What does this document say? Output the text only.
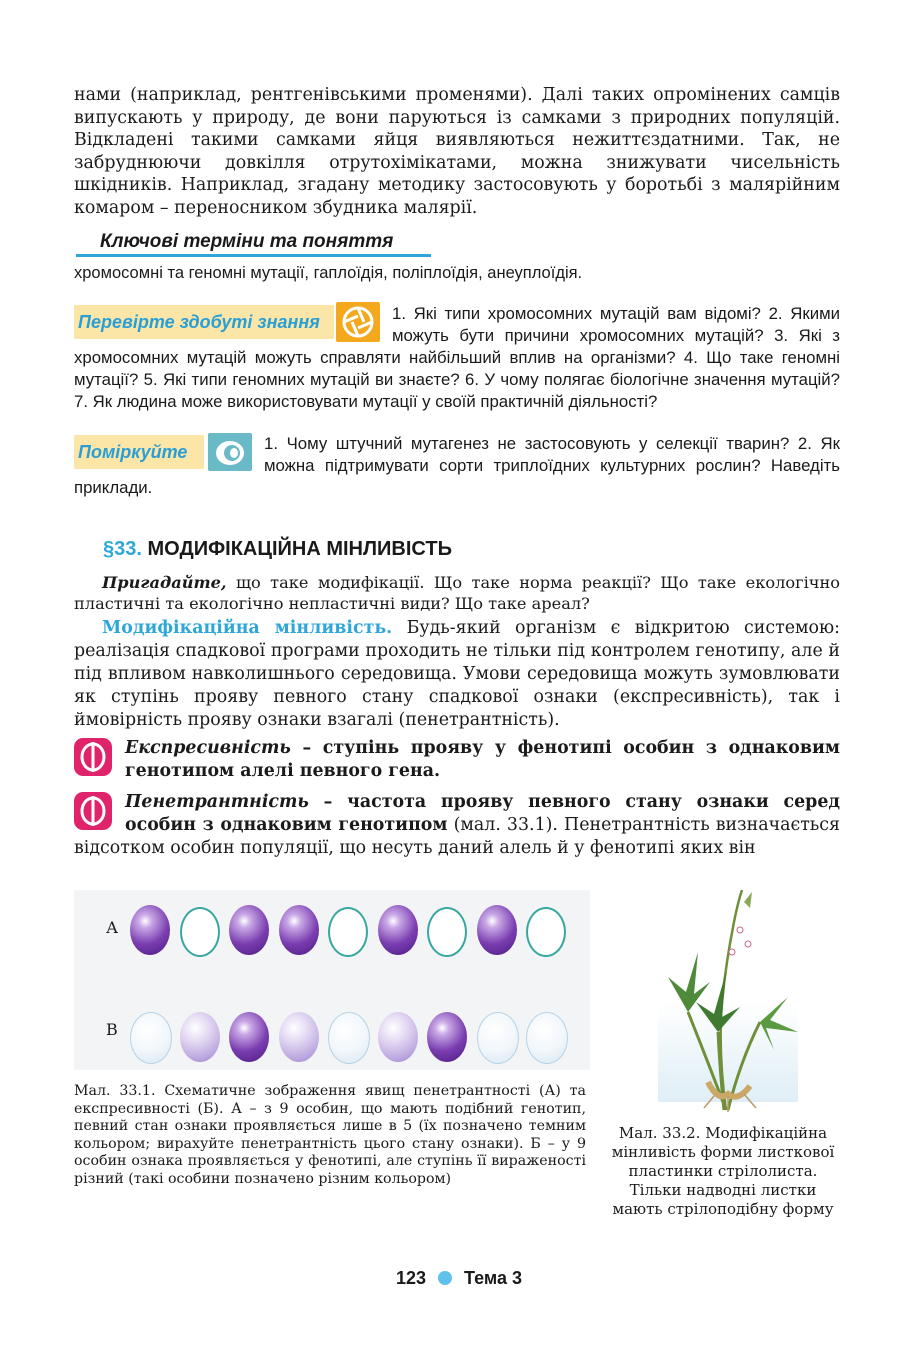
нами (наприклад, рентгенівськими променями). Далі таких опромінених самців випускають у природу, де вони паруються із самками з природних популяцій. Відкладені такими самками яйця виявляються нежиттєздатними. Так, не забруднюючи довкілля отрутохімікатами, можна знижувати чисельність шкідників. Наприклад, згадану методику застосовують у боротьбі з малярійним комаром – переносником збудника малярії.
Ключові терміни та поняття
хромосомні та геномні мутації, гаплоїдія, поліплоїдія, анеуплоїдія.
Перевірте здобуті знання	1. Які типи хромосомних мутацій вам відомі? 2. Якими можуть бути причини хромосомних мутацій? 3. Які з хромосомних мутацій можуть справляти найбільший вплив на організми? 4. Що таке геномні мутації? 5. Які типи геномних мутацій ви знаєте? 6. У чому полягає біологічне значення мутацій? 7. Як людина може використовувати мутації у своїй практичній діяльності?
Поміркуйте	1. Чому штучний мутагенез не застосовують у селекції тварин? 2. Як можна підтримувати сорти триплоїдних культурних рослин? Наведіть приклади.
§33. МОДИФІКАЦІЙНА МІНЛИВІСТЬ
Пригадайте, що таке модифікації. Що таке норма реакції? Що таке екологічно пластичні та екологічно непластичні види? Що таке ареал?
Модифікаційна мінливість. Будь-який організм є відкритою системою: реалізація спадкової програми проходить не тільки під контролем генотипу, але й під впливом навколишнього середовища. Умови середовища можуть зумовлювати як ступінь прояву певного стану спадкової ознаки (експресивність), так і ймовірність прояву ознаки взагалі (пенетрантність).
Експресивність – ступінь прояву у фенотипі особин з однаковим генотипом алелі певного гена.
Пенетрантність – частота прояву певного стану ознаки серед особин з однаковим генотипом (мал. 33.1). Пенетрантність визначається відсотком особин популяції, що несуть даний алель й у фенотипі яких він
А
В
Мал. 33.1. Схематичне зображення явищ пенетрантності (А) та експресивності (Б). А – з 9 особин, що мають подібний генотип, певний стан ознаки проявляється лише в 5 (їх позначено темним кольором; вирахуйте пенетрантність цього стану ознаки). Б – у 9 особин ознака проявляється у фенотипі, але ступінь її вираженості різний (такі особини позначено різним кольором)
Мал. 33.2. Модифікаційна мінливість форми листкової пластинки стрілолиста. Тільки надводні листки мають стрілоподібну форму
123 Тема 3
